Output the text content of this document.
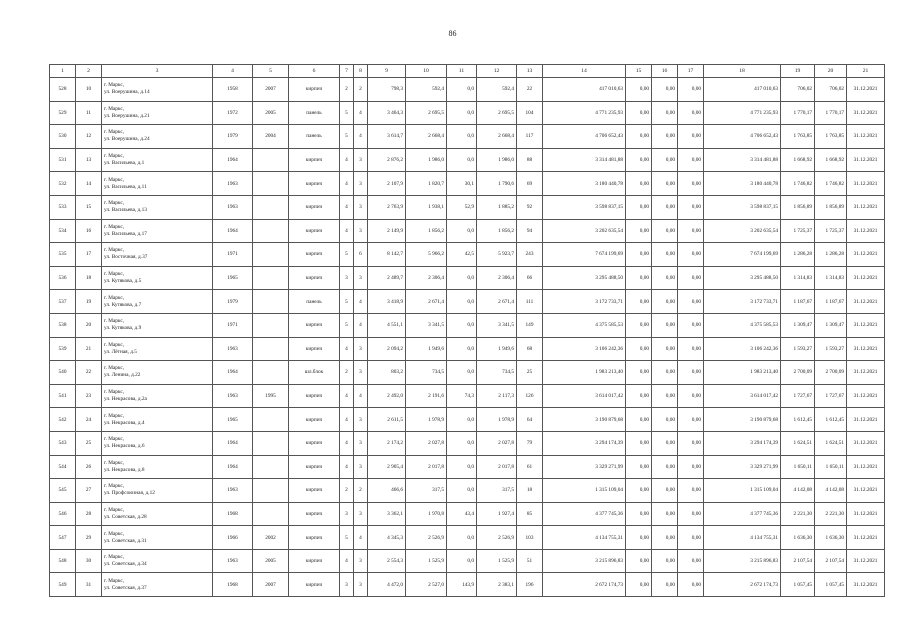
86
1	2	3	4	5	6	7	8	9	10	11	12	13	14	15	16	17	18	19	20	21
528	10	г. Маркс,
ул. Воерушина, д.14	1958	2007	кирпич	2	2	798,3	592,4	0,0	592,4	22	417 010,63	0,00	0,00	0,00	417 010,63	706,02	706,02	31.12.2021
529	11	г. Маркс,
ул. Воерушина, д.21	1972	2005	панель	5	4	3 464,3	2 695,5	0,0	2 695,5	104	4 771 235,93	0,00	0,00	0,00	4 771 235,93	1 770,17	1 770,17	31.12.2021
530	12	г. Маркс,
ул. Воерушина, д.24	1979	2004	панель	5	4	3 614,7	2 668,4	0,0	2 668,4	117	4 706 652,43	0,00	0,00	0,00	4 706 652,43	1 763,85	1 763,85	31.12.2021
531	13	г. Маркс,
ул. Васильева, д.1	1964		кирпич	4	3	2 876,2	1 986,0	0,0	1 986,0	88	3 314 481,88	0,00	0,00	0,00	3 314 481,88	1 668,92	1 668,92	31.12.2021
532	14	г. Маркс,
ул. Васильева, д.11	1963		кирпич	4	3	2 107,9	1 820,7	30,1	1 790,6	69	3 180 440,78	0,00	0,00	0,00	3 180 440,78	1 746,82	1 746,82	31.12.2021
533	15	г. Маркс,
ул. Васильева, д.13	1963		кирпич	4	3	2 763,9	1 938,1	52,9	1 885,2	92	3 598 837,15	0,00	0,00	0,00	3 598 837,15	1 856,89	1 856,89	31.12.2021
534	16	г. Маркс,
ул. Васильева, д.17	1964		кирпич	4	3	2 149,9	1 856,2	0,0	1 856,2	94	3 202 635,54	0,00	0,00	0,00	3 202 635,54	1 725,37	1 725,37	31.12.2021
535	17	г. Маркс,
ул. Восточная, д.37	1971		кирпич	5	6	8 142,7	5 966,2	42,5	5 923,7	243	7 674 199,69	0,00	0,00	0,00	7 674 199,69	1 286,28	1 286,28	31.12.2021
536	18	г. Маркс,
ул. Кутякова, д.5	1965		кирпич	3	3	2 489,7	2 306,4	0,0	2 306,4	66	3 295 488,50	0,00	0,00	0,00	3 295 488,50	1 314,83	1 314,83	31.12.2021
537	19	г. Маркс,
ул. Кутякова, д.7	1979		панель	5	4	3 418,9	2 671,4	0,0	2 671,4	111	3 172 733,71	0,00	0,00	0,00	3 172 733,71	1 187,67	1 187,67	31.12.2021
538	20	г. Маркс,
ул. Кутякова, д.9	1971		кирпич	5	4	4 551,1	3 341,5	0,0	3 341,5	149	4 375 585,53	0,00	0,00	0,00	4 375 585,53	1 309,47	1 309,47	31.12.2021
539	21	г. Маркс,
ул. Лётная, д.5	1963		кирпич	4	3	2 094,2	1 949,6	0,0	1 949,6	68	3 106 242,36	0,00	0,00	0,00	3 106 242,36	1 593,27	1 593,27	31.12.2021
540	22	г. Маркс,
ул. Ленина, д.22	1964		шл.блок	2	3	803,2	734,5	0,0	734,5	25	1 983 213,40	0,00	0,00	0,00	1 983 213,40	2 700,09	2 700,09	31.12.2021
541	23	г. Маркс,
ул. Некрасова, д.2а	1963	1995	кирпич	4	4	2 492,0	2 191,6	74,3	2 117,3	126	3 614 017,42	0,00	0,00	0,00	3 614 017,42	1 727,67	1 727,67	31.12.2021
542	24	г. Маркс,
ул. Некрасова, д.4	1965		кирпич	4	3	2 611,5	1 978,9	0,0	1 978,9	64	3 190 879,68	0,00	0,00	0,00	3 190 879,68	1 612,45	1 612,45	31.12.2021
543	25	г. Маркс,
ул. Некрасова, д.6	1964		кирпич	4	3	2 174,2	2 027,8	0,0	2 027,8	79	3 294 174,39	0,00	0,00	0,00	3 294 174,39	1 624,51	1 624,51	31.12.2021
544	26	г. Маркс,
ул. Некрасова, д.8	1964		кирпич	4	3	2 905,4	2 017,8	0,0	2 017,8	61	3 329 271,99	0,00	0,00	0,00	3 329 271,99	1 650,11	1 650,11	31.12.2021
545	27	г. Маркс,
ул. Профсоюзная, д.12	1963		кирпич	2	2	466,6	317,5	0,0	317,5	18	1 315 109,04	0,00	0,00	0,00	1 315 109,04	4 142,08	4 142,08	31.12.2021
546	28	г. Маркс,
ул. Советская, д.28	1968		кирпич	3	3	3 362,1	1 970,8	43,4	1 927,4	85	4 377 745,36	0,00	0,00	0,00	4 377 745,36	2 221,30	2 221,30	31.12.2021
547	29	г. Маркс,
ул. Советская, д.31	1966	2002	кирпич	5	4	4 345,3	2 526,9	0,0	2 526,9	103	4 134 755,31	0,00	0,00	0,00	4 134 755,31	1 636,30	1 636,30	31.12.2021
548	30	г. Маркс,
ул. Советская, д.34	1963	2005	кирпич	4	3	2 554,3	1 525,9	0,0	1 525,9	51	3 215 896,83	0,00	0,00	0,00	3 215 896,83	2 107,54	2 107,54	31.12.2021
549	31	г. Маркс,
ул. Советская, д.37	1968	2007	кирпич	3	3	4 472,0	2 527,0	143,9	2 383,1	196	2 672 174,73	0,00	0,00	0,00	2 672 174,73	1 057,45	1 057,45	31.12.2021
